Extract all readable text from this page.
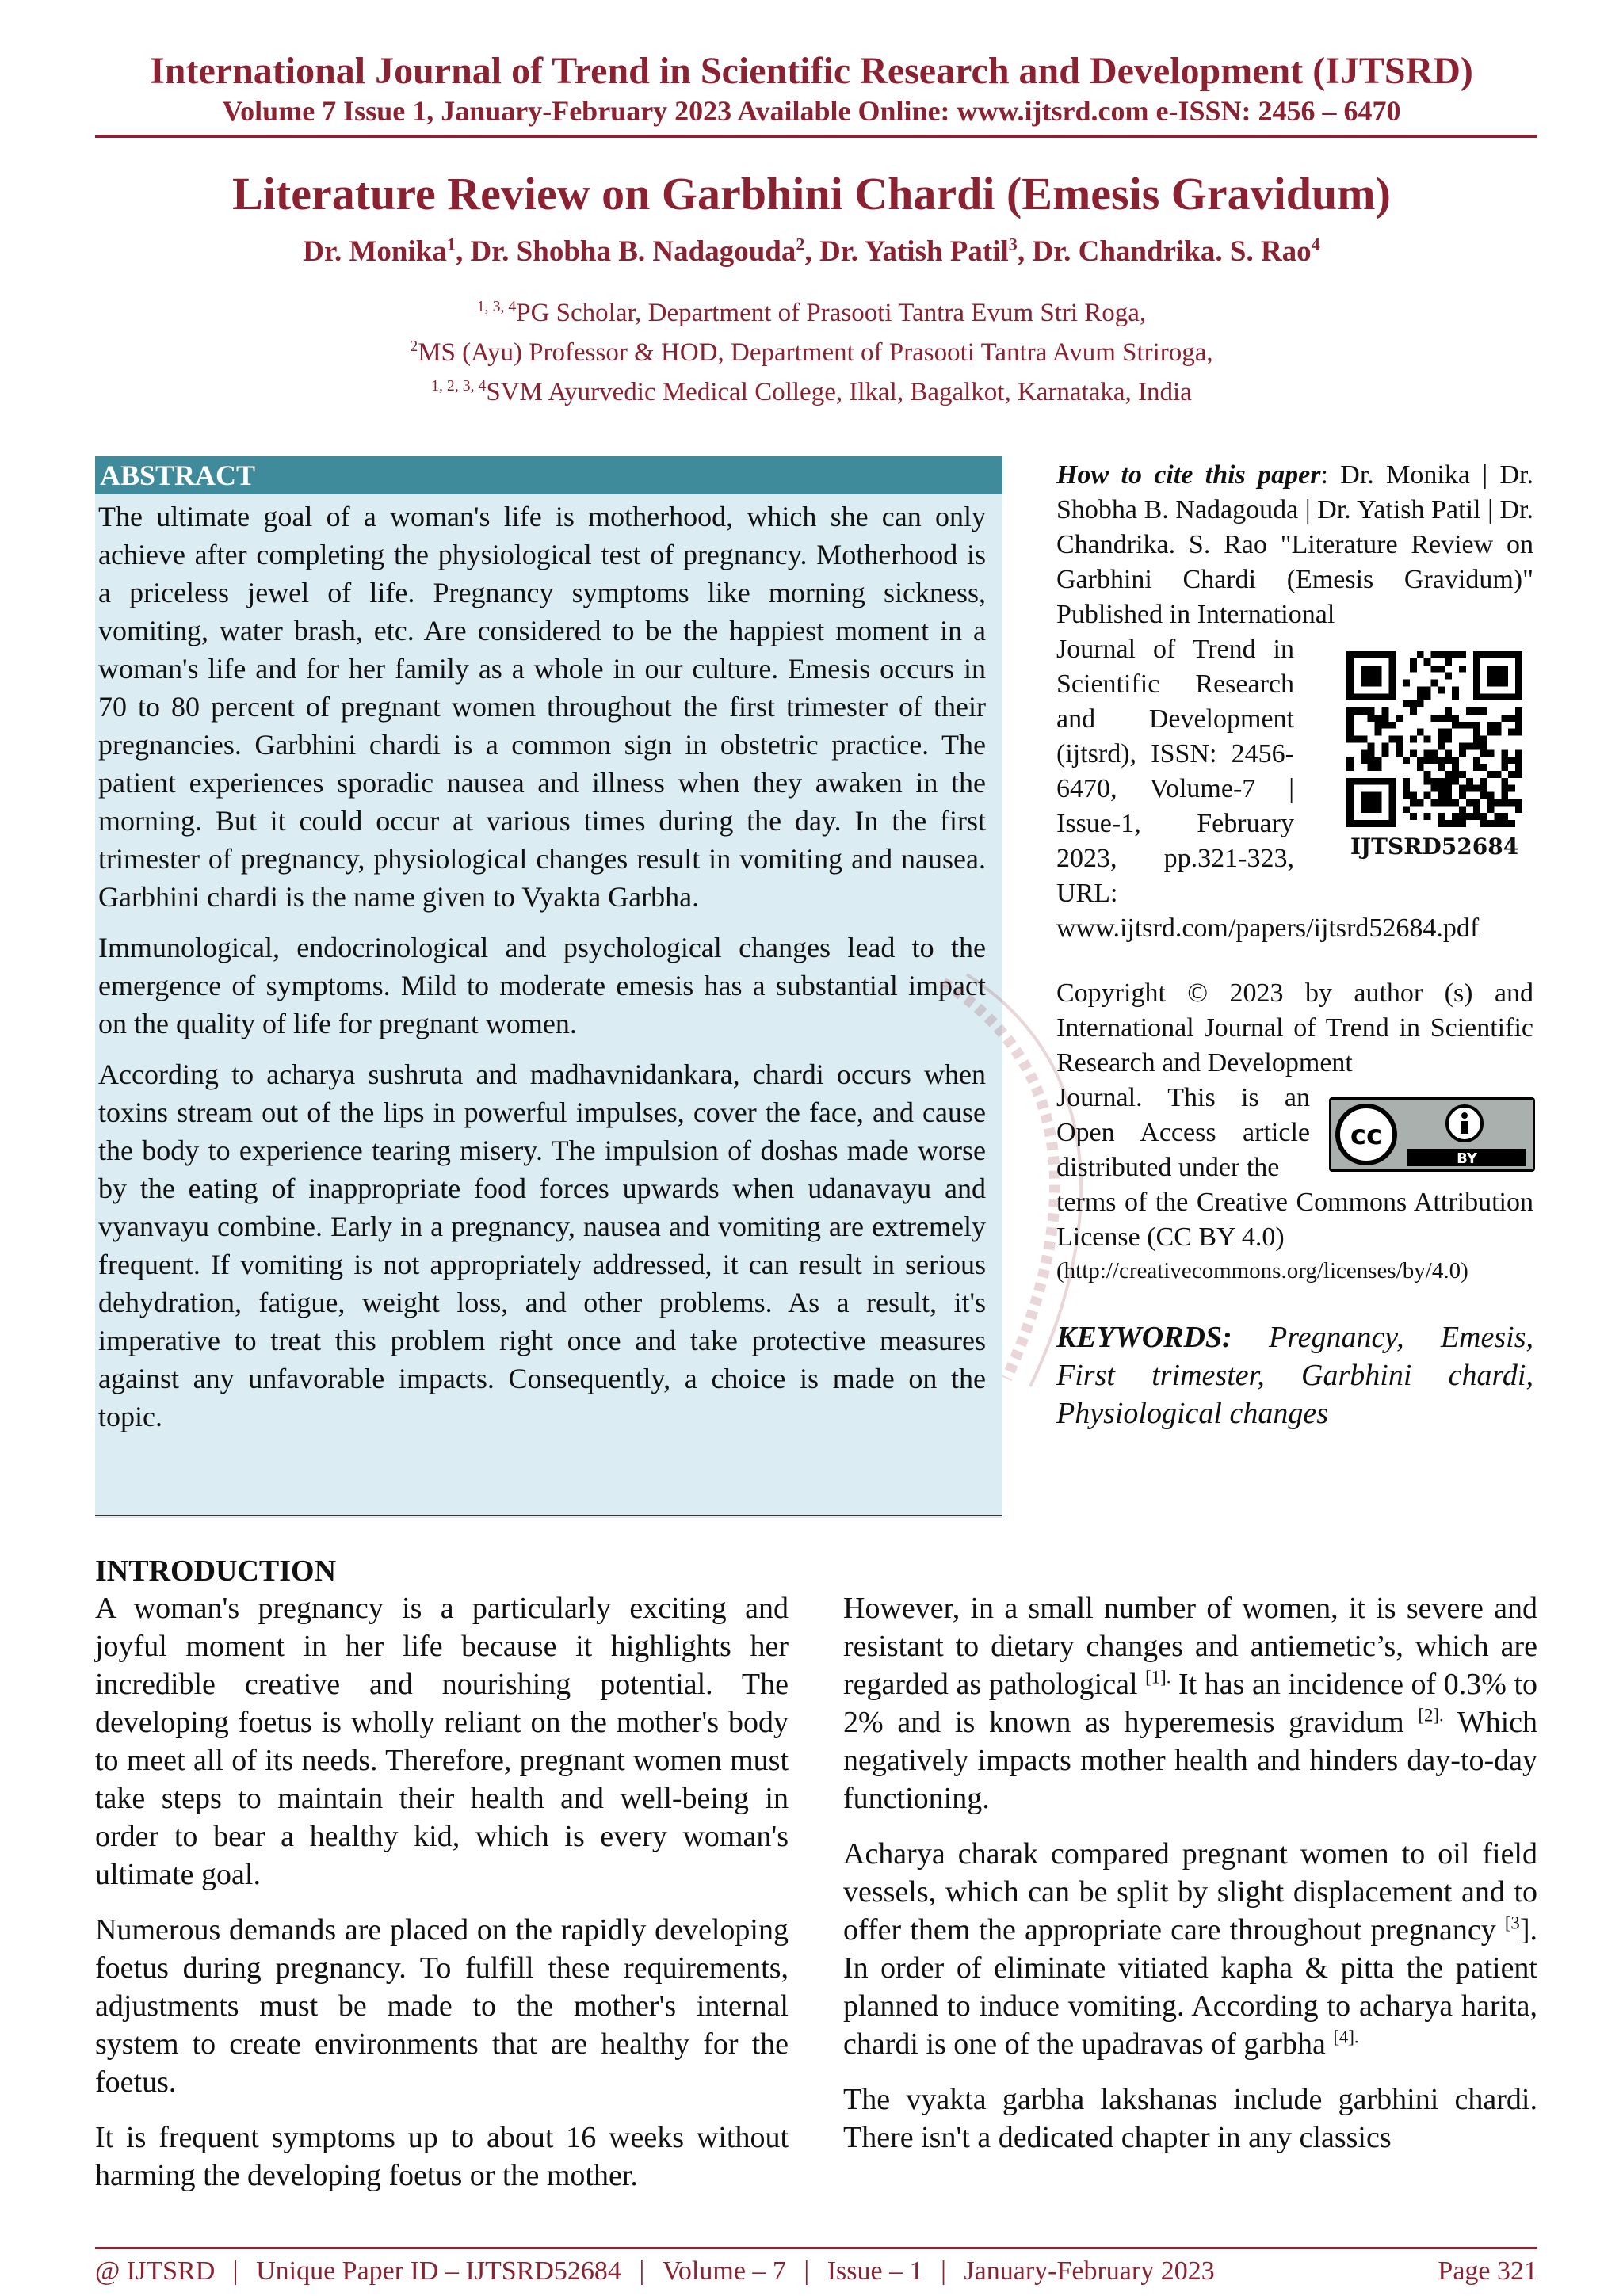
International Journal of Trend in Scientific Research and Development (IJTSRD)
Volume 7 Issue 1, January-February 2023 Available Online: www.ijtsrd.com e-ISSN: 2456 – 6470
Literature Review on Garbhini Chardi (Emesis Gravidum)
Dr. Monika$^1$, Dr. Shobha B. Nadagouda$^2$, Dr. Yatish Patil$^3$, Dr. Chandrika. S. Rao$^4$
$^{1, 3, 4}$PG Scholar, Department of Prasooti Tantra Evum Stri Roga,
$^2$MS (Ayu) Professor & HOD, Department of Prasooti Tantra Avum Striroga,
$^{1, 2, 3, 4}$SVM Ayurvedic Medical College, Ilkal, Bagalkot, Karnataka, India
ABSTRACT

The ultimate goal of a woman's life is motherhood, which she can only achieve after completing the physiological test of pregnancy. Motherhood is a priceless jewel of life. Pregnancy symptoms like morning sickness, vomiting, water brash, etc. Are considered to be the happiest moment in a woman's life and for her family as a whole in our culture. Emesis occurs in 70 to 80 percent of pregnant women throughout the first trimester of their pregnancies. Garbhini chardi is a common sign in obstetric practice. The patient experiences sporadic nausea and illness when they awaken in the morning. But it could occur at various times during the day. In the first trimester of pregnancy, physiological changes result in vomiting and nausea. Garbhini chardi is the name given to Vyakta Garbha.

Immunological, endocrinological and psychological changes lead to the emergence of symptoms. Mild to moderate emesis has a substantial impact on the quality of life for pregnant women.

According to acharya sushruta and madhavnidankara, chardi occurs when toxins stream out of the lips in powerful impulses, cover the face, and cause the body to experience tearing misery. The impulsion of doshas made worse by the eating of inappropriate food forces upwards when udanavayu and vyanvayu combine. Early in a pregnancy, nausea and vomiting are extremely frequent. If vomiting is not appropriately addressed, it can result in serious dehydration, fatigue, weight loss, and other problems. As a result, it's imperative to treat this problem right once and take protective measures against any unfavorable impacts. Consequently, a choice is made on the topic.

How to cite this paper: Dr. Monika | Dr. Shobha B. Nadagouda | Dr. Yatish Patil | Dr. Chandrika. S. Rao "Literature Review on Garbhini Chardi (Emesis Gravidum)" Published in International

Journal of Trend in Scientific Research and Development (ijtsrd), ISSN: 2456-6470, Volume-7 | Issue-1, February 2023, pp.321-323, URL:

www.ijtsrd.com/papers/ijtsrd52684.pdf

IJTSRD52684

Copyright © 2023 by author (s) and International Journal of Trend in Scientific Research and Development

Journal. This is an Open Access article distributed under the

terms of the Creative Commons Attribution License (CC BY 4.0)

(http://creativecommons.org/licenses/by/4.0)

cc
BY

KEYWORDS: Pregnancy, Emesis, First trimester, Garbhini chardi, Physiological changes

INTRODUCTION

A woman's pregnancy is a particularly exciting and joyful moment in her life because it highlights her incredible creative and nourishing potential. The developing foetus is wholly reliant on the mother's body to meet all of its needs. Therefore, pregnant women must take steps to maintain their health and well-being in order to bear a healthy kid, which is every woman's ultimate goal.

Numerous demands are placed on the rapidly developing foetus during pregnancy. To fulfill these requirements, adjustments must be made to the mother's internal system to create environments that are healthy for the foetus.

It is frequent symptoms up to about 16 weeks without harming the developing foetus or the mother.

However, in a small number of women, it is severe and resistant to dietary changes and antiemetic’s, which are regarded as pathological $^{[1].}$ It has an incidence of 0.3% to 2% and is known as hyperemesis gravidum $^{[2].}$ Which negatively impacts mother health and hinders day-to-day functioning.

Acharya charak compared pregnant women to oil field vessels, which can be split by slight displacement and to offer them the appropriate care throughout pregnancy $^{[3}$]. In order of eliminate vitiated kapha & pitta the patient planned to induce vomiting. According to acharya harita, chardi is one of the upadravas of garbha $^{[4].}$

The vyakta garbha lakshanas include garbhini chardi. There isn't a dedicated chapter in any classics

@ IJTSRD | Unique Paper ID – IJTSRD52684 | Volume – 7 | Issue – 1 | January-February 2023	Page 321
